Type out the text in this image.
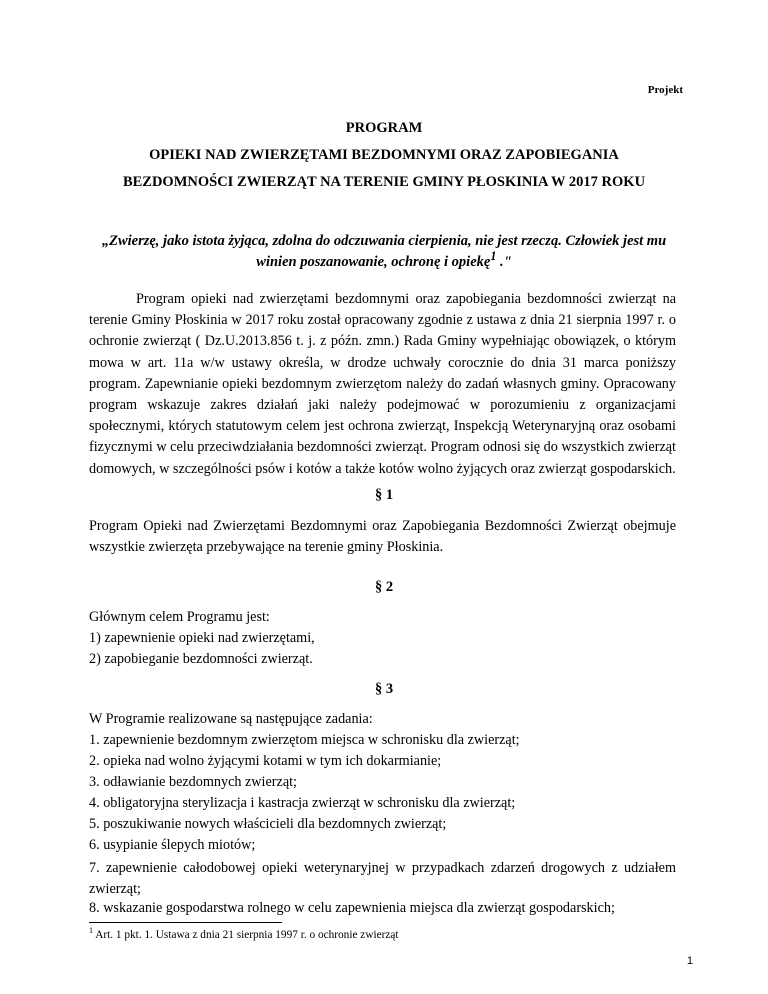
Projekt
PROGRAM
OPIEKI NAD ZWIERZĘTAMI BEZDOMNYMI ORAZ ZAPOBIEGANIA
BEZDOMNOŚCI ZWIERZĄT NA TERENIE GMINY PŁOSKINIA W 2017 ROKU
„Zwierzę, jako istota żyjąca, zdolna do odczuwania cierpienia, nie jest rzeczą. Człowiek jest mu winien poszanowanie, ochronę i opiekę$^1$ ."
Program opieki nad zwierzętami bezdomnymi oraz zapobiegania bezdomności zwierząt na terenie Gminy Płoskinia w 2017 roku został opracowany zgodnie z ustawa z dnia 21 sierpnia 1997 r. o ochronie zwierząt ( Dz.U.2013.856 t. j. z późn. zmn.) Rada Gminy wypełniając obowiązek, o którym mowa w art. 11a w/w ustawy określa, w drodze uchwały corocznie do dnia 31 marca poniższy program. Zapewnianie opieki bezdomnym zwierzętom należy do zadań własnych gminy. Opracowany program wskazuje zakres działań jaki należy podejmować w porozumieniu z organizacjami społecznymi, których statutowym celem jest ochrona zwierząt, Inspekcją Weterynaryjną oraz osobami fizycznymi w celu przeciwdziałania bezdomności zwierząt. Program odnosi się do wszystkich zwierząt domowych, w szczególności psów i kotów a także kotów wolno żyjących oraz zwierząt gospodarskich.
§ 1
Program Opieki nad Zwierzętami Bezdomnymi oraz Zapobiegania Bezdomności Zwierząt obejmuje wszystkie zwierzęta przebywające na terenie gminy Płoskinia.
§ 2
Głównym celem Programu jest:
1) zapewnienie opieki nad zwierzętami,
2) zapobieganie bezdomności zwierząt.
§ 3
W Programie realizowane są następujące zadania:
1. zapewnienie bezdomnym zwierzętom miejsca w schronisku dla zwierząt;
2. opieka nad wolno żyjącymi kotami w tym ich dokarmianie;
3. odławianie bezdomnych zwierząt;
4. obligatoryjna sterylizacja i kastracja zwierząt w schronisku dla zwierząt;
5. poszukiwanie nowych właścicieli dla bezdomnych zwierząt;
6. usypianie ślepych miotów;
7. zapewnienie całodobowej opieki weterynaryjnej w przypadkach zdarzeń drogowych z udziałem zwierząt;
8. wskazanie gospodarstwa rolnego w celu zapewnienia miejsca dla zwierząt gospodarskich;
$^1$ Art. 1 pkt. 1. Ustawa z dnia 21 sierpnia 1997 r. o ochronie zwierząt
1
